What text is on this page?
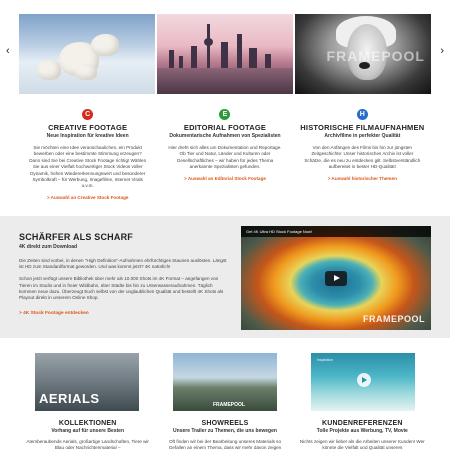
‹	›
FRAMEPOOL
C
CREATIVE FOOTAGE
Neue Inspiration für kreative Ideen
Sie möchten eine Idee veranschaulichen, ein Produkt bewerben oder eine bestimmte Stimmung erzeugen? Dann sind Sie bei Creative Stock Footage richtig! Wählen Sie aus einer Vielfalt hochwertiger Stock Videos voller Dynamik, hohen Wiedererkennungswert und besonderer Symbolkraft – für Werbung, Imagefilme, Internet Virals u.v.m.
> Auswahl an Creative Stock Footage
E
EDITORIAL FOOTAGE
Dokumentarische Aufnahmen von Spezialisten
Hier dreht sich alles um Dokumentation und Reportage. Ob Tier und Natur, Länder und Kulturen oder Gesellschaftliches – wir haben für jedes Thema anerkannte Spezialisten gefunden.
> Auswahl an Editorial Stock Footage
H
HISTORISCHE FILMAUFNAHMEN
Archivfilme in perfekter Qualität
Von den Anfängen des Films bis hin zur jüngsten Zeitgeschichte: Unser historisches Archiv ist voller Schätze, die es neu zu entdecken gilt. Selbstverständlich aufbereitet in bester HD-Qualität!
> Auswahl historischer Themen
SCHÄRFER ALS SCHARF
4K direkt zum Download
Die Zeiten sind vorbei, in denen "High Definition"-Aufnahmen ehrfürchtiges Staunen auslösten. Längst ist HD zum Standardformat geworden. Und was kommt jetzt? 4K natürlich!
Schon jetzt verfügt unsere Bibliothek über mehr als 10.000 Shots im 4K Format – angefangen von Tieren im Studio und in freier Wildbahn, über Städte bis hin zu Unterwasseraufnahmen. Täglich kommen neue dazu. Überzeugt Euch selbst von der unglaublichen Qualität und bestellt 4K Shots als Playout direkt in unserem Online Shop.
> 4K Stock Footage entdecken
Get 4K Ultra HD Stock Footage Now!
FRAMEPOOL
AERIALS	FRAMEPOOL
Inspiration
KOLLEKTIONEN
Vorhang auf für unsere Besten
Atemberaubende Aerials, großartige Landschaften, Tiere wir Blau oder Nachrichtenmaterial –
SHOWREELS
Unsere Trailer zu Themen, die uns bewegen
Oft finden wir bei der Bearbeitung unseres Materials so Gefallen an einem Thema, dass wir mehr davon zeigen
KUNDENREFERENZEN
Tolle Projekte aus Werbung, TV, Movie
Nichts zeigen wir lieber als die Arbeiten unserer Kunden! Wer könnte die Vielfalt und Qualität unseres
